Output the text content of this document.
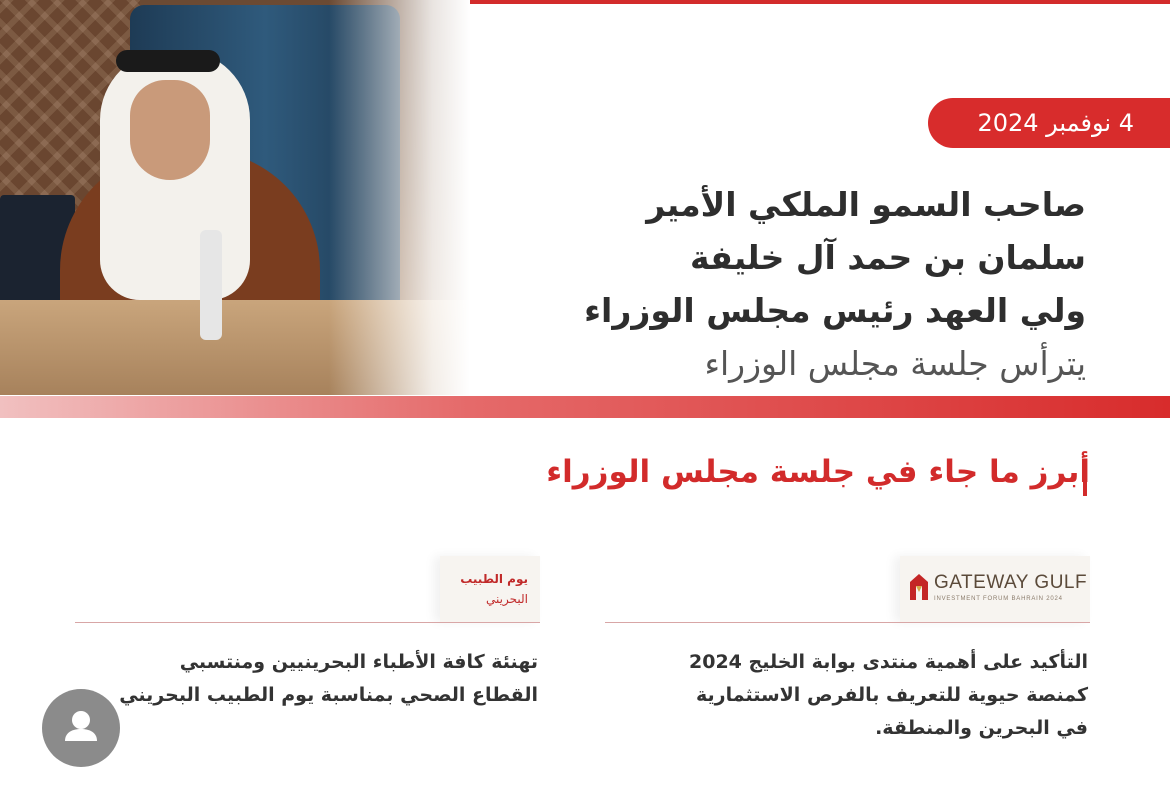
4 نوفمبر 2024
صاحب السمو الملكي الأمير
سلمان بن حمد آل خليفة
ولي العهد رئيس مجلس الوزراء
يترأس جلسة مجلس الوزراء
أبرز ما جاء في جلسة مجلس الوزراء
GATEWAY GULF
INVESTMENT FORUM BAHRAIN 2024
التأكيد على أهمية منتدى بوابة الخليج 2024
كمنصة حيوية للتعريف بالفرص الاستثمارية
في البحرين والمنطقة.
يوم الطبيب
البحريني
تهنئة كافة الأطباء البحرينيين ومنتسبي
القطاع الصحي بمناسبة يوم الطبيب البحريني
